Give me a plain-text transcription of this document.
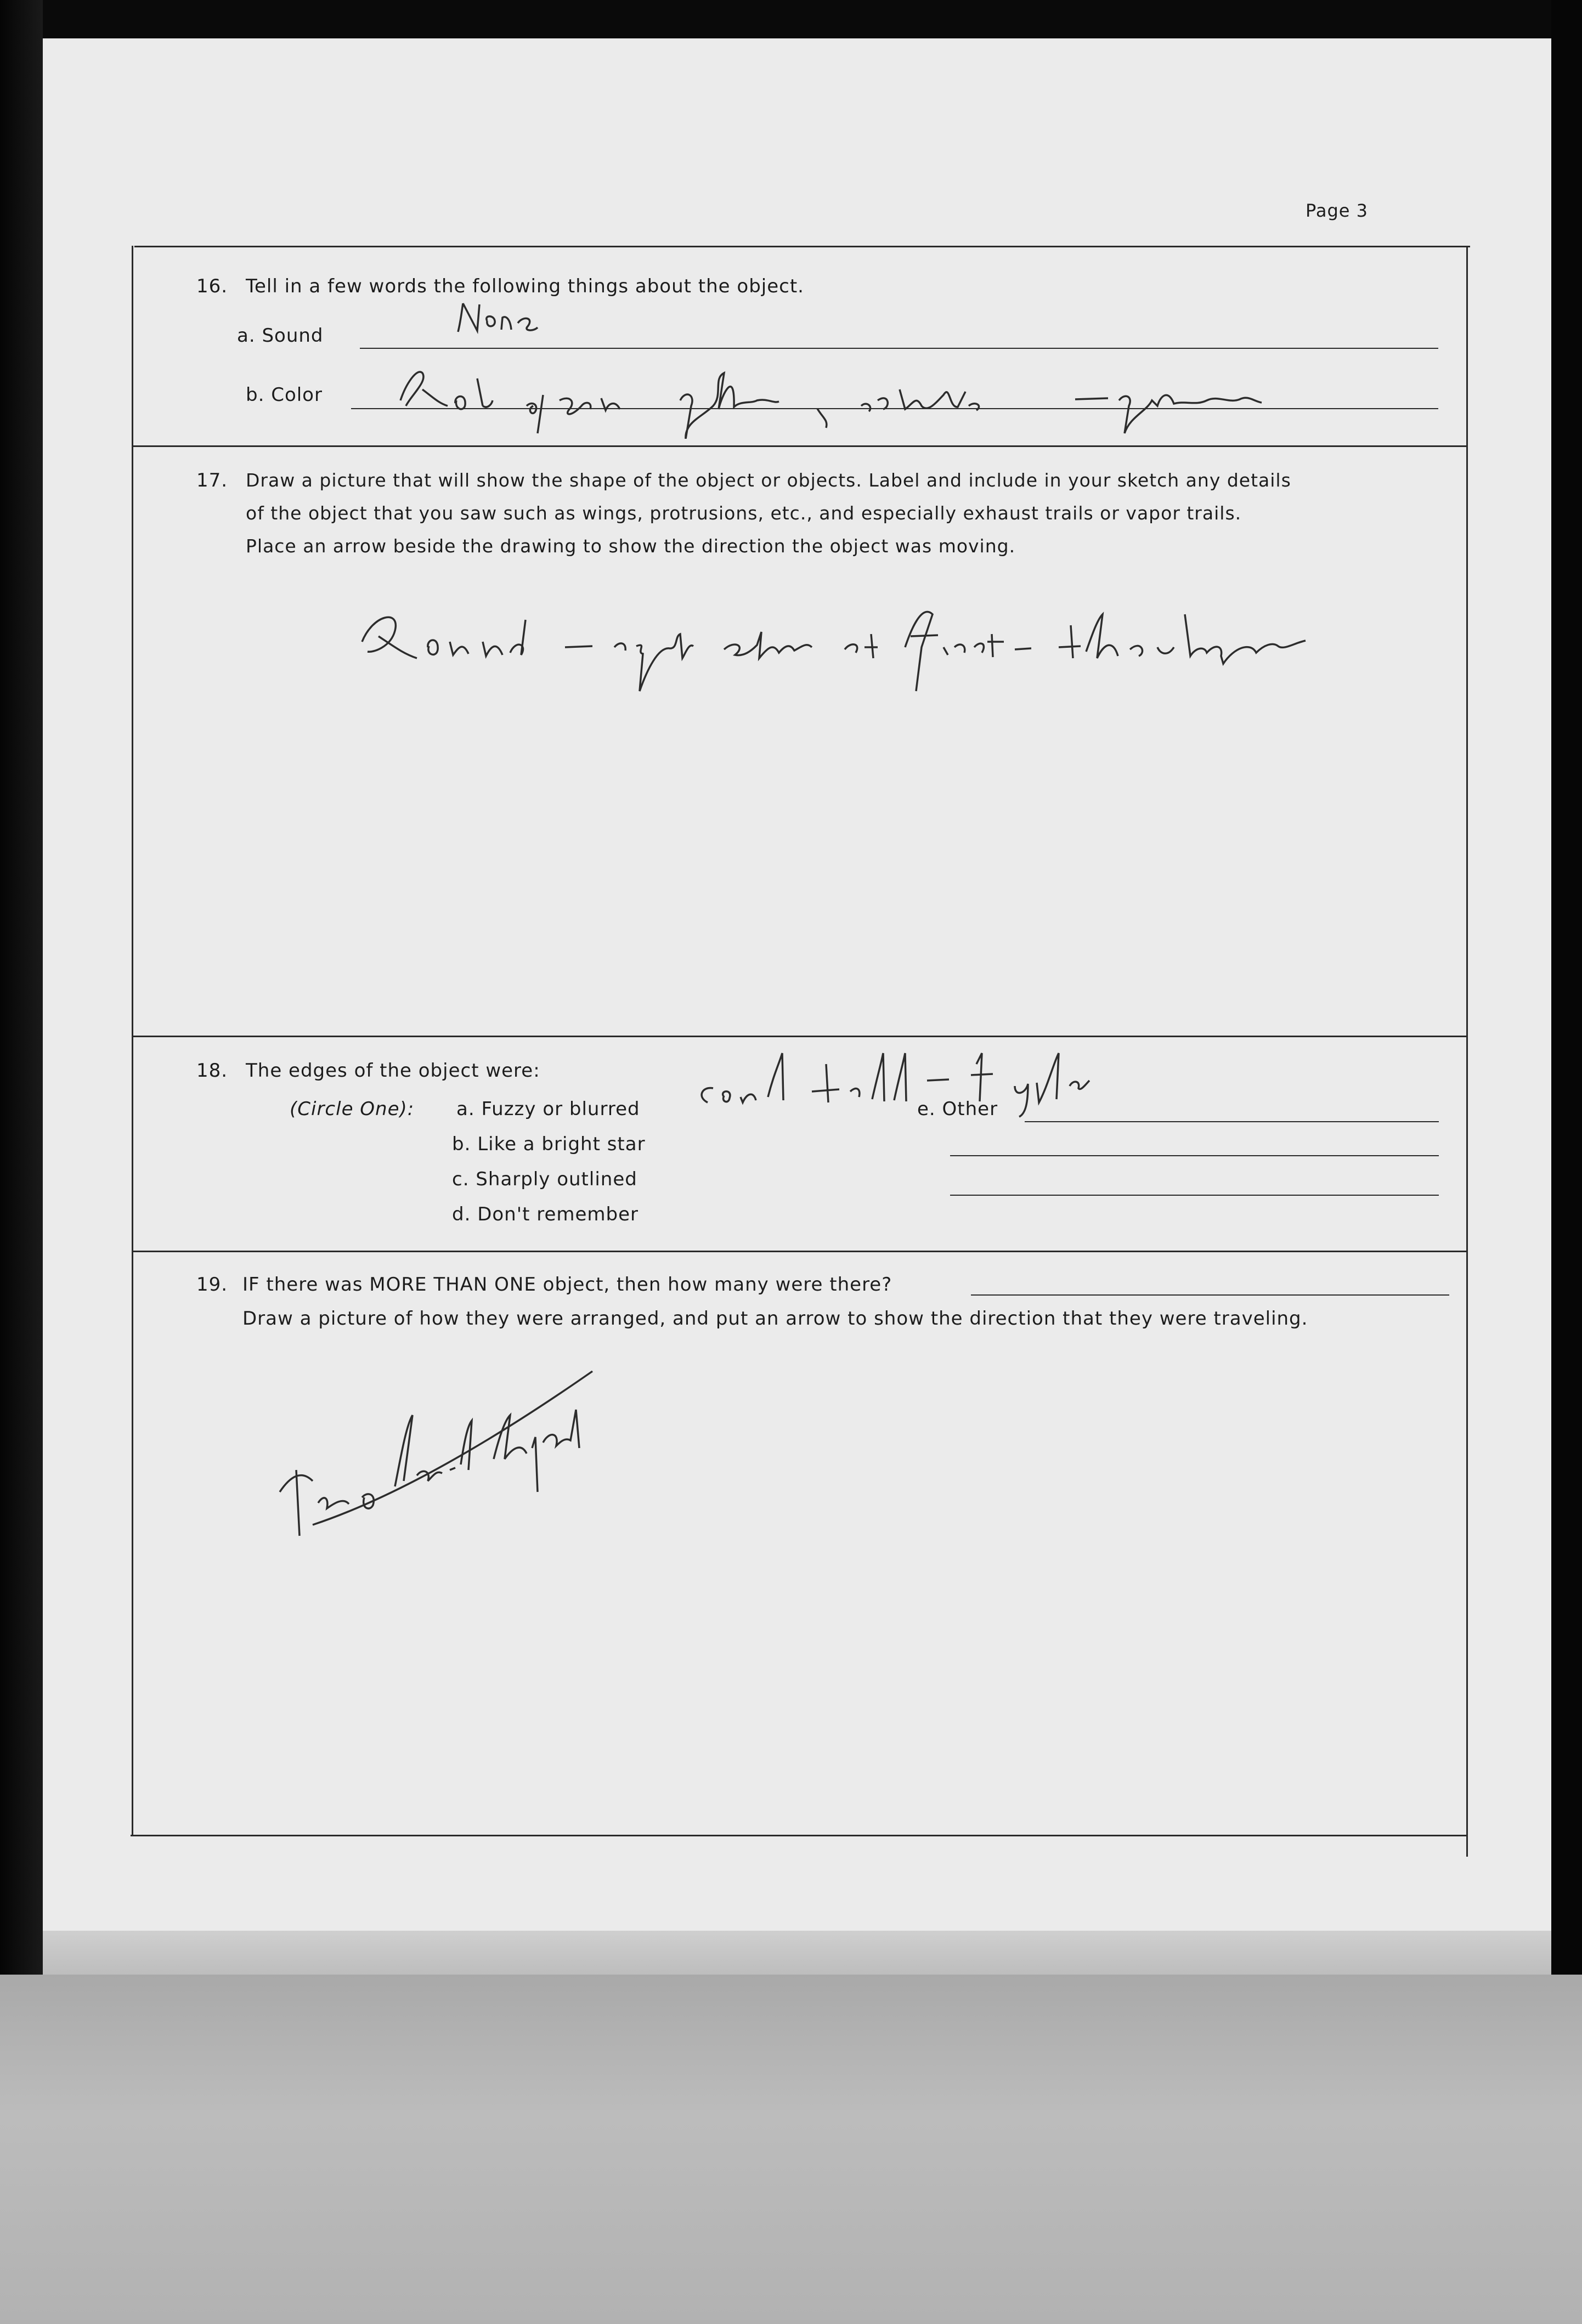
Page 3
16. Tell in a few words the following things about the object.
a. Sound
b. Color
None
17. Draw a picture that will show the shape of the object or objects. Label and include in your sketch any details
of the object that you saw such as wings, protrusions, etc., and especially exhaust trails or vapor trails.
Place an arrow beside the drawing to show the direction the object was moving.
18. The edges of the object were:
(Circle One): a. Fuzzy or blurred
b. Like a bright star
c. Sharply outlined
d. Don't remember
e. Other
19. IF there was MORE THAN ONE object, then how many were there?
Draw a picture of how they were arranged, and put an arrow to show the direction that they were traveling.
